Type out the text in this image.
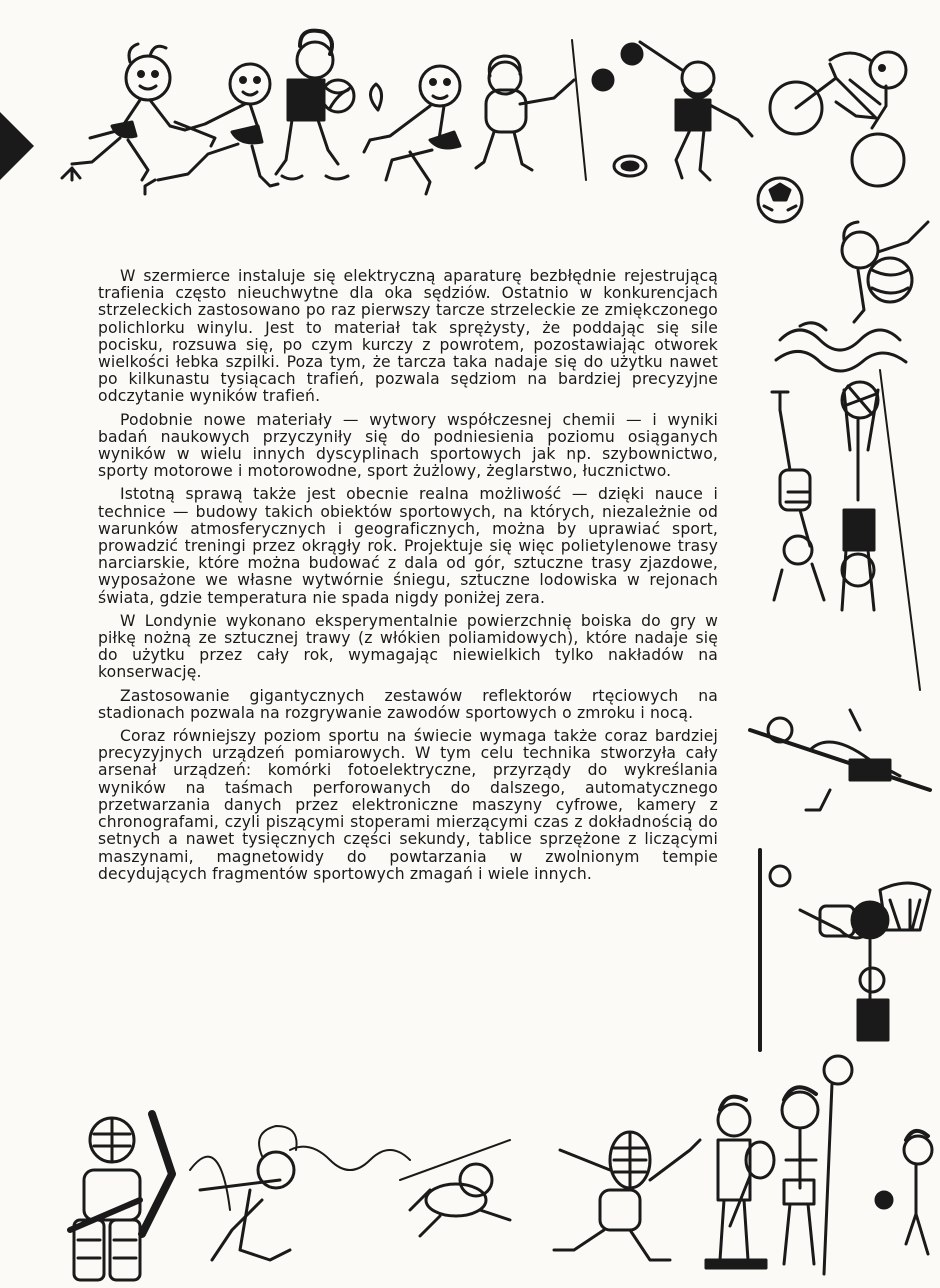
W szermierce instaluje się elektryczną aparaturę bezbłędnie rejestrującą trafienia często nieuchwytne dla oka sędziów. Ostatnio w konkurencjach strzeleckich zastosowano po raz pierwszy tarcze strzeleckie ze zmiękczonego polichlorku winylu. Jest to materiał tak sprężysty, że poddając się sile pocisku, rozsuwa się, po czym kurczy z powrotem, pozostawiając otworek wielkości łebka szpilki. Poza tym, że tarcza taka nadaje się do użytku nawet po kilkunastu tysiącach trafień, pozwala sędziom na bardziej precyzyjne odczytanie wyników trafień.

Podobnie nowe materiały — wytwory współczesnej chemii — i wyniki badań naukowych przyczyniły się do podniesienia poziomu osiąganych wyników w wielu innych dyscyplinach sportowych jak np. szybownictwo, sporty motorowe i motorowodne, sport żużlowy, żeglarstwo, łucznictwo.

Istotną sprawą także jest obecnie realna możliwość — dzięki nauce i technice — budowy takich obiektów sportowych, na których, niezależnie od warunków atmosferycznych i geograficznych, można by uprawiać sport, prowadzić treningi przez okrągły rok. Projektuje się więc polietylenowe trasy narciarskie, które można budować z dala od gór, sztuczne trasy zjazdowe, wyposażone we własne wytwórnie śniegu, sztuczne lodowiska w rejonach świata, gdzie temperatura nie spada nigdy poniżej zera.

W Londynie wykonano eksperymentalnie powierzchnię boiska do gry w piłkę nożną ze sztucznej trawy (z włókien poliamidowych), które nadaje się do użytku przez cały rok, wymagając niewielkich tylko nakładów na konserwację.

Zastosowanie gigantycznych zestawów reflektorów rtęciowych na stadionach pozwala na rozgrywanie zawodów sportowych o zmroku i nocą.

Coraz równiejszy poziom sportu na świecie wymaga także coraz bardziej precyzyjnych urządzeń pomiarowych. W tym celu technika stworzyła cały arsenał urządzeń: komórki fotoelektryczne, przyrządy do wykreślania wyników na taśmach perforowanych do dalszego, automatycznego przetwarzania danych przez elektroniczne maszyny cyfrowe, kamery z chronografami, czyli piszącymi stoperami mierzącymi czas z dokładnością do setnych a nawet tysięcznych części sekundy, tablice sprzężone z liczącymi maszynami, magnetowidy do powtarzania w zwolnionym tempie decydujących fragmentów sportowych zmagań i wiele innych.
